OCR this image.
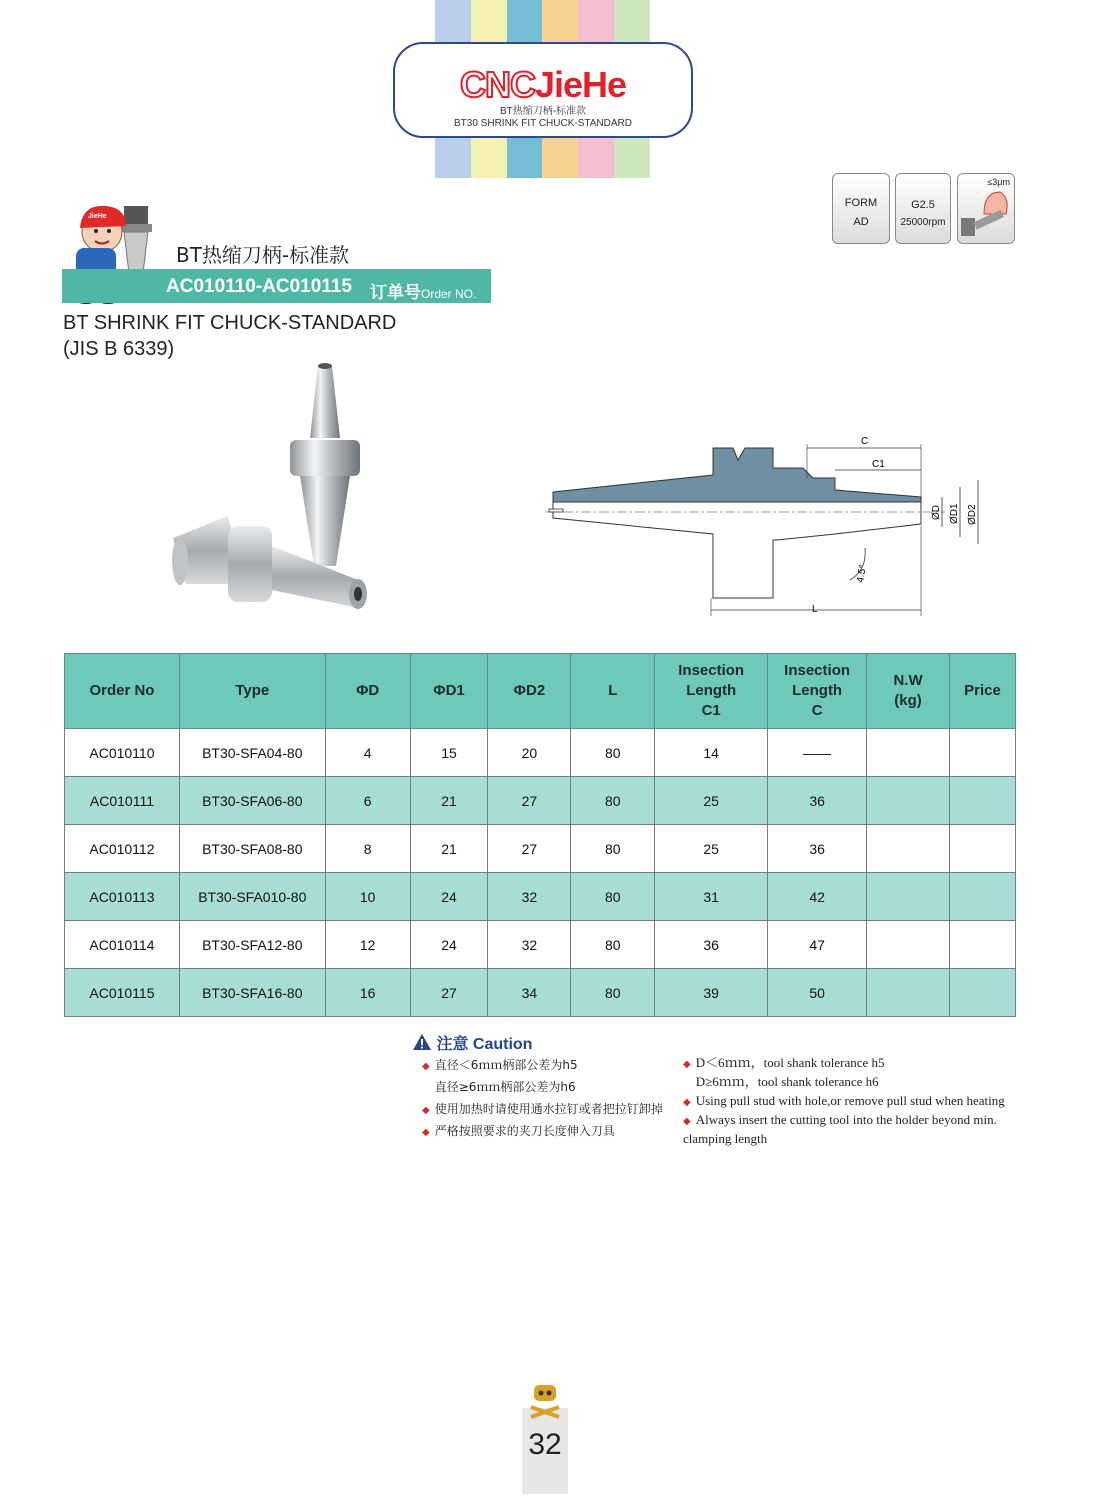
CNCJieHe
BT热缩刀柄-标准款
BT30 SHRINK FIT CHUCK-STANDARD
FORM
AD
G2.5
25000rpm
≤3μm
JieHe
BT热缩刀柄-标准款
AC010110-AC010115 订单号Order NO.
BT SHRINK FIT CHUCK-STANDARD
(JIS B 6339)
C
C1
L
ØD ØD1 ØD2
4.5°
Order No	Type	ΦD	ΦD1	ΦD2	L	Insection
Length
C1	Insection
Length
C	N.W
(kg)	Price
AC010110	BT30-SFA04-80	4	15	20	80	14	——		
AC010111	BT30-SFA06-80	6	21	27	80	25	36		
AC010112	BT30-SFA08-80	8	21	27	80	25	36		
AC010113	BT30-SFA010-80	10	24	32	80	31	42		
AC010114	BT30-SFA12-80	12	24	32	80	36	47		
AC010115	BT30-SFA16-80	16	27	34	80	39	50		
注意 Caution
◆ 直径＜6ｍｍ柄部公差为h5
直径≥6ｍｍ柄部公差为h6
◆ 使用加热时请使用通水拉钉或者把拉钉卸掉
◆ 严格按照要求的夹刀长度伸入刀具
◆ D＜6ｍｍ，tool shank tolerance h5
D≥6ｍｍ，tool shank tolerance h6
◆ Using pull stud with hole,or remove pull stud when heating
◆ Always insert the cutting tool into the holder beyond min. clamping length
32
